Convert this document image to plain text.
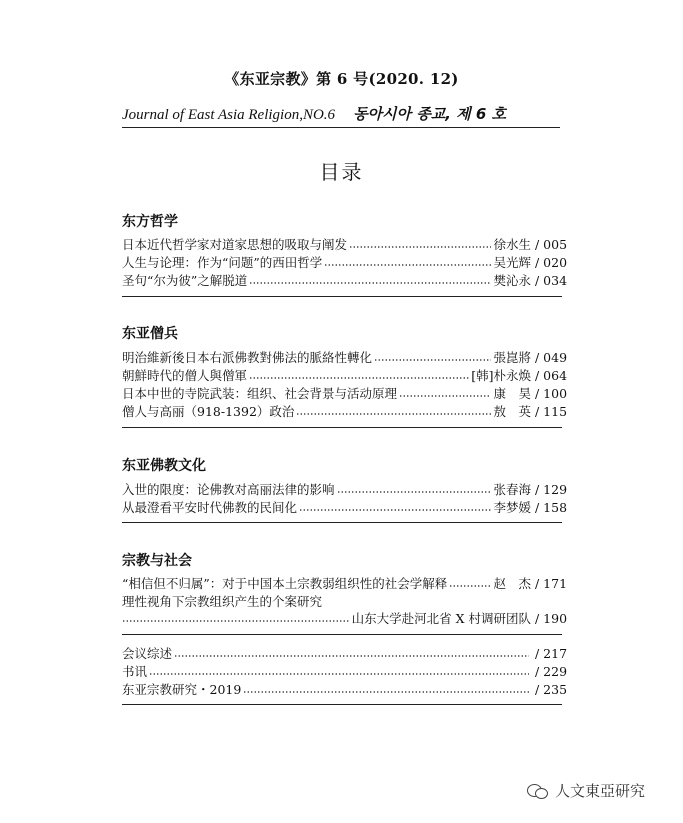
《东亚宗教》第 6 号(2020. 12)
Journal of East Asia Religion,NO.6 동아시아 종교, 제 6 호
目录
东方哲学
日本近代哲学家对道家思想的吸取与阐发	徐水生 / 005
人生与论理：作为“问题”的西田哲学	吴光辉 / 020
圣句“尔为彼”之解脱道	樊沁永 / 034
东亚僧兵
明治維新後日本右派佛教對佛法的脈絡性轉化	張崑將 / 049
朝鮮時代的僧人與僧軍	[韩]朴永焕 / 064
日本中世的寺院武装：组织、社会背景与活动原理	康　昊 / 100
僧人与高丽（918-1392）政治	敖　英 / 115
东亚佛教文化
入世的限度：论佛教对高丽法律的影响	张春海 / 129
从最澄看平安时代佛教的民间化	李梦媛 / 158
宗教与社会
“相信但不归属”：对于中国本土宗教弱组织性的社会学解释	赵　杰 / 171
理性视角下宗教组织产生的个案研究
山东大学赴河北省 X 村调研团队 / 190
会议综述	/ 217
书讯	/ 229
东亚宗教研究・2019	/ 235
人文東亞研究
